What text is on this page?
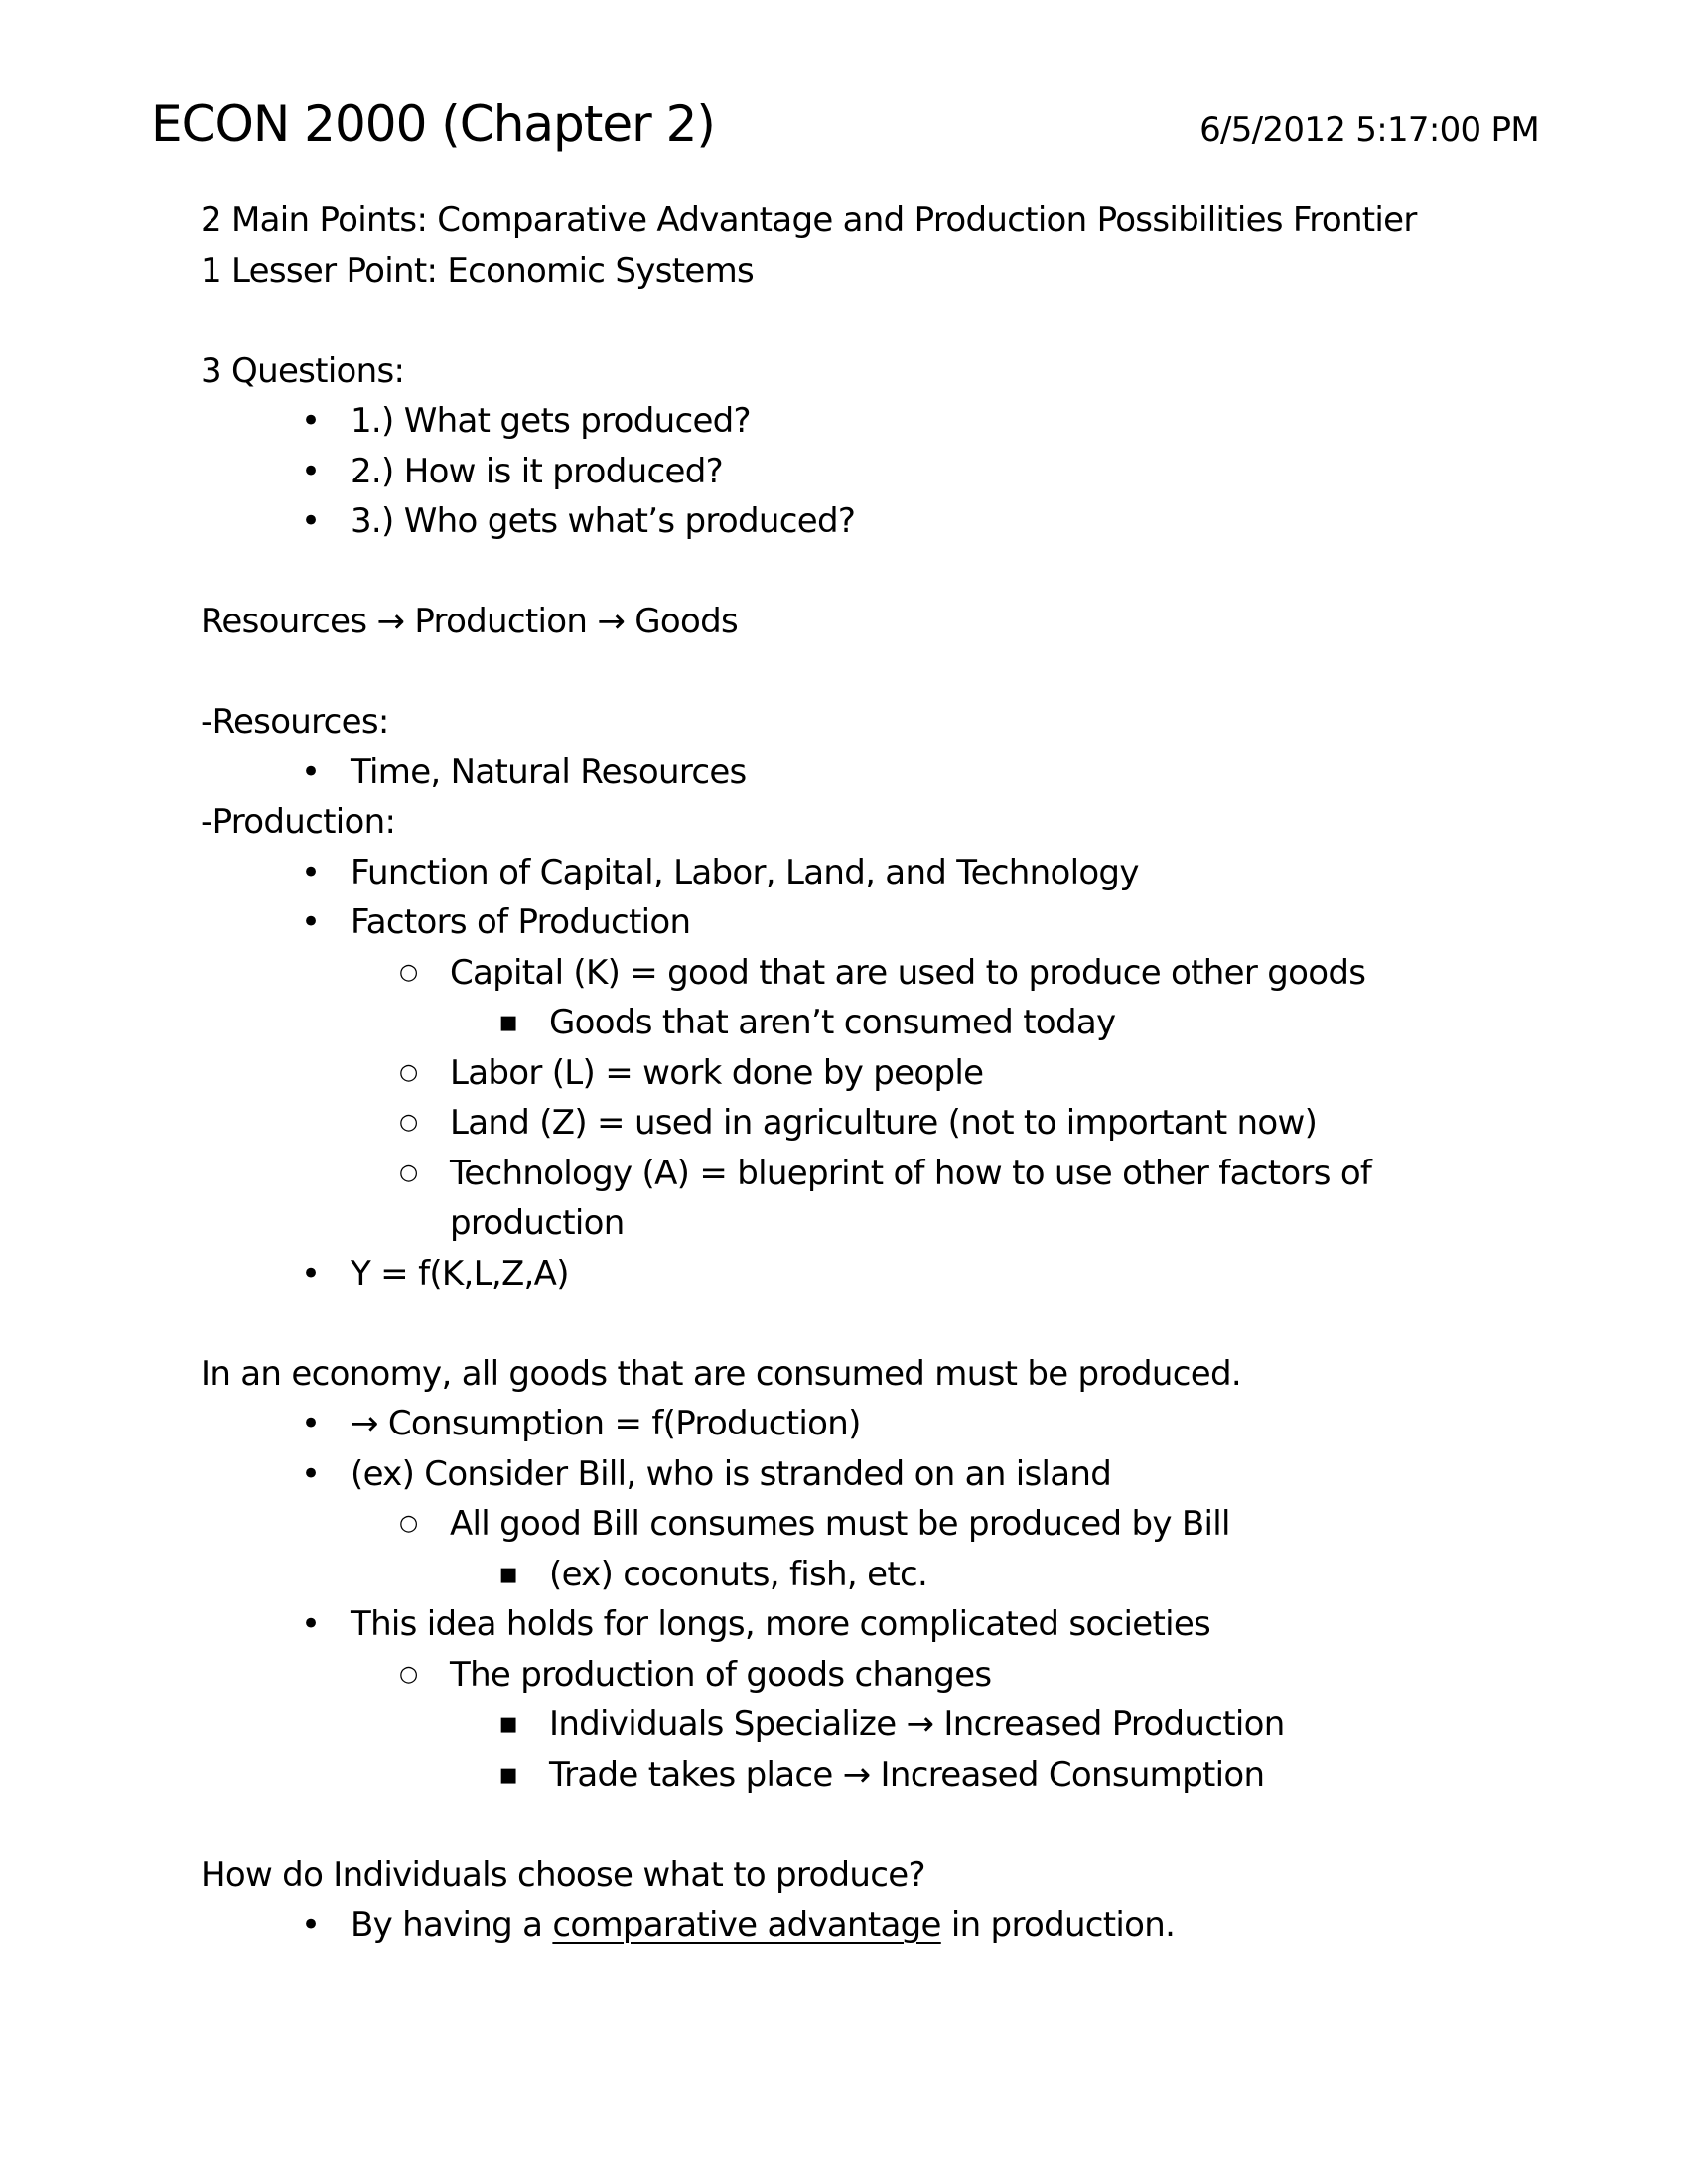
ECON 2000 (Chapter 2)	6/5/2012 5:17:00 PM
2 Main Points: Comparative Advantage and Production Possibilities Frontier
1 Lesser Point: Economic Systems
3 Questions:
• 1.) What gets produced?
• 2.) How is it produced?
• 3.) Who gets what’s produced?
Resources → Production → Goods
-Resources:
• Time, Natural Resources
-Production:
• Function of Capital, Labor, Land, and Technology
• Factors of Production
○ Capital (K) = good that are used to produce other goods
▪ Goods that aren’t consumed today
○ Labor (L) = work done by people
○ Land (Z) = used in agriculture (not to important now)
○ Technology (A) = blueprint of how to use other factors of
production
• Y = f(K,L,Z,A)
In an economy, all goods that are consumed must be produced.
• → Consumption = f(Production)
• (ex) Consider Bill, who is stranded on an island
○ All good Bill consumes must be produced by Bill
▪ (ex) coconuts, fish, etc.
• This idea holds for longs, more complicated societies
○ The production of goods changes
▪ Individuals Specialize → Increased Production
▪ Trade takes place → Increased Consumption
How do Individuals choose what to produce?
• By having a comparative advantage in production.
